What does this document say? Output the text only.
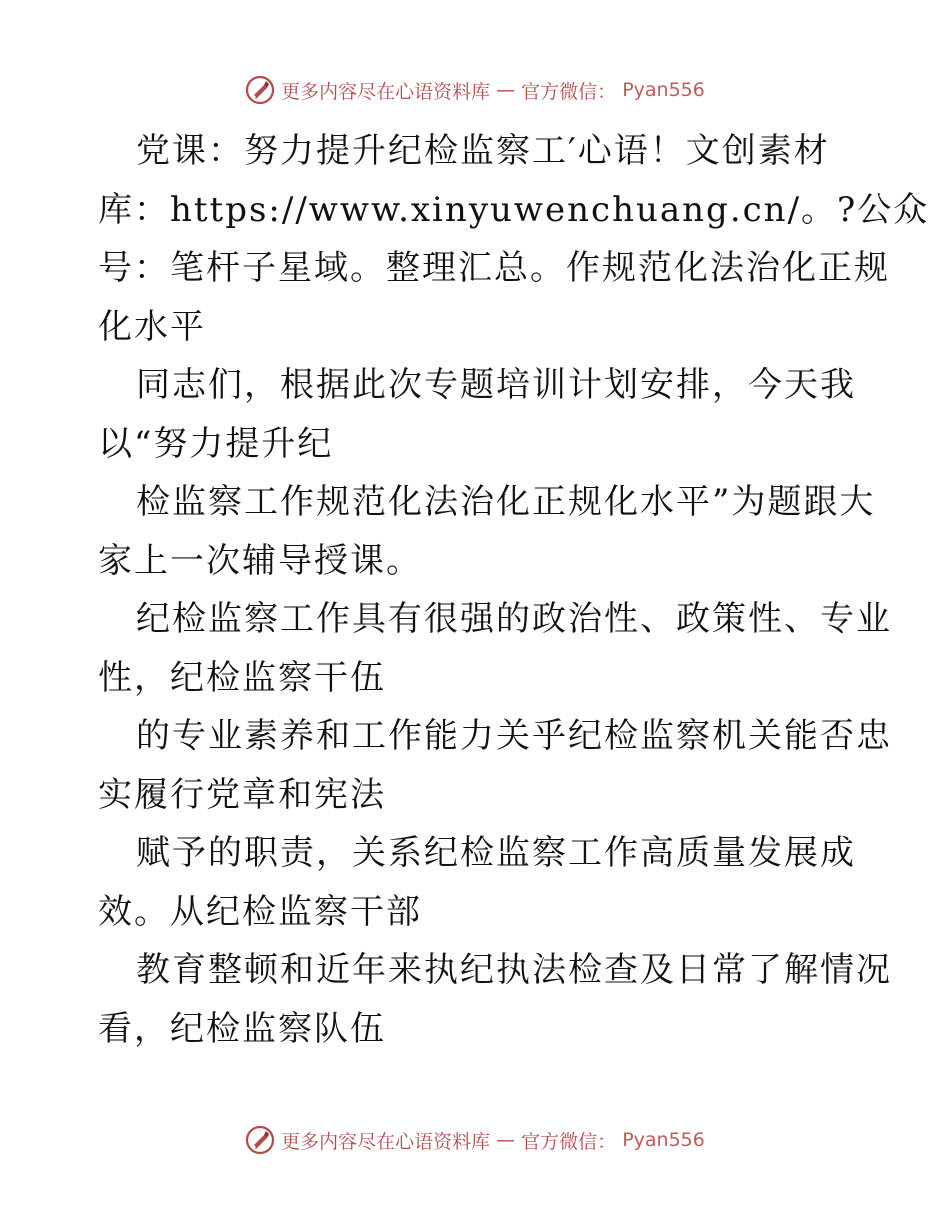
更多内容尽在心语资料库 — 官方微信： Pyan556
党课：努力提升纪检监察工′心语！文创素材
库：https://www.xinyuwenchuang.cn/。?公众
号：笔杆子星域。整理汇总。作规范化法治化正规
化水平
同志们，根据此次专题培训计划安排，今天我
以“努力提升纪
检监察工作规范化法治化正规化水平”为题跟大
家上一次辅导授课。
纪检监察工作具有很强的政治性、政策性、专业
性，纪检监察干伍
的专业素养和工作能力关乎纪检监察机关能否忠
实履行党章和宪法
赋予的职责，关系纪检监察工作高质量发展成
效。从纪检监察干部
教育整顿和近年来执纪执法检查及日常了解情况
看，纪检监察队伍
更多内容尽在心语资料库 — 官方微信： Pyan556
